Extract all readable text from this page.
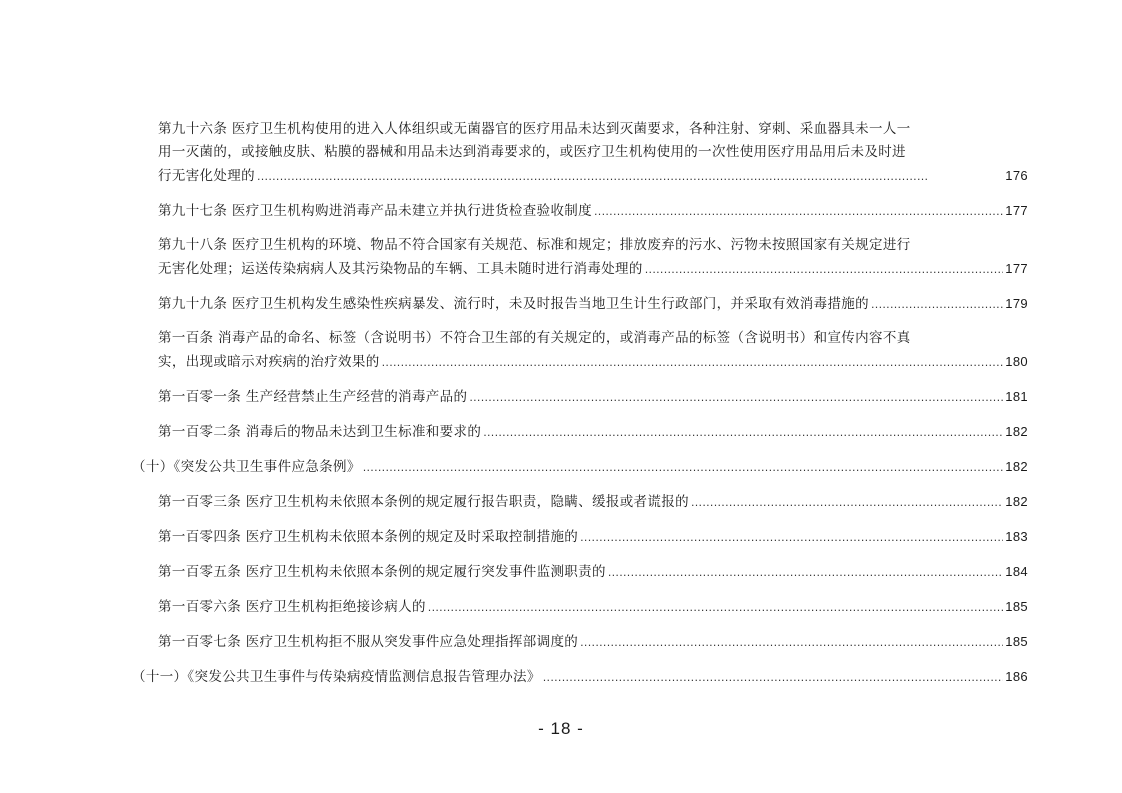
第九十六条 医疗卫生机构使用的进入人体组织或无菌器官的医疗用品未达到灭菌要求，各种注射、穿刺、采血器具未一人一
用一灭菌的，或接触皮肤、粘膜的器械和用品未达到消毒要求的，或医疗卫生机构使用的一次性使用医疗用品用后未及时进
行无害化处理的 . . .	176
第九十七条 医疗卫生机构购进消毒产品未建立并执行进货检查验收制度 . . .	177
第九十八条 医疗卫生机构的环境、物品不符合国家有关规范、标准和规定；排放废弃的污水、污物未按照国家有关规定进行
无害化处理；运送传染病病人及其污染物品的车辆、工具未随时进行消毒处理的 . . .	177
第九十九条 医疗卫生机构发生感染性疾病暴发、流行时，未及时报告当地卫生计生行政部门，并采取有效消毒措施的 . . .	179
第一百条 消毒产品的命名、标签（含说明书）不符合卫生部的有关规定的，或消毒产品的标签（含说明书）和宣传内容不真
实，出现或暗示对疾病的治疗效果的 . . .	180
第一百零一条 生产经营禁止生产经营的消毒产品的 . . .	181
第一百零二条 消毒后的物品未达到卫生标准和要求的 . . .	182
（十）《突发公共卫生事件应急条例》 . . .	182
第一百零三条 医疗卫生机构未依照本条例的规定履行报告职责，隐瞒、缓报或者谎报的 . . .	182
第一百零四条 医疗卫生机构未依照本条例的规定及时采取控制措施的 . . .	183
第一百零五条 医疗卫生机构未依照本条例的规定履行突发事件监测职责的 . . .	184
第一百零六条 医疗卫生机构拒绝接诊病人的 . . .	185
第一百零七条 医疗卫生机构拒不服从突发事件应急处理指挥部调度的 . . .	185
（十一）《突发公共卫生事件与传染病疫情监测信息报告管理办法》 . . .	186
- 18 -
